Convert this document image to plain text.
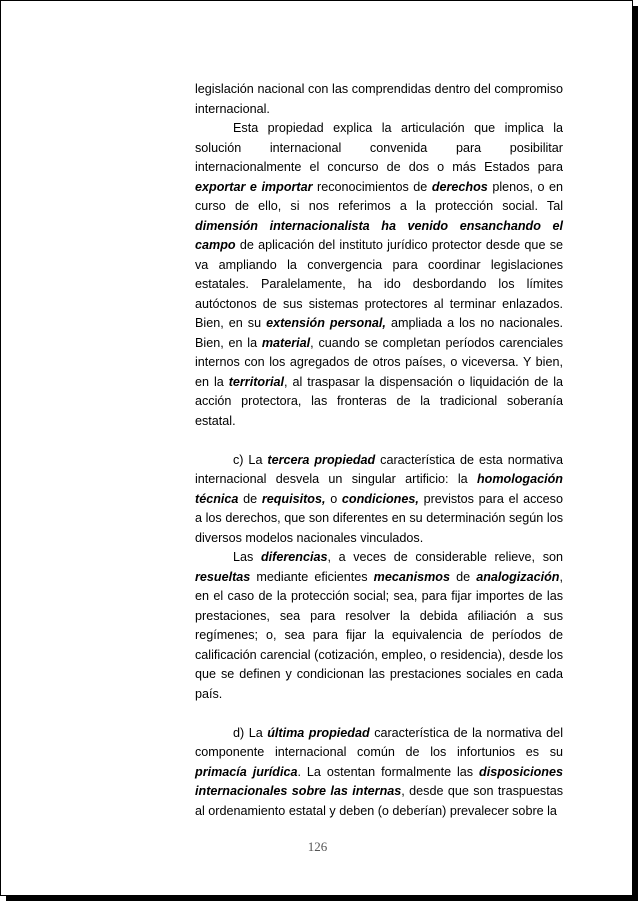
legislación nacional con las comprendidas dentro del compromiso internacional.

Esta propiedad explica la articulación que implica la solución internacional convenida para posibilitar internacionalmente el concurso de dos o más Estados para exportar e importar reconocimientos de derechos plenos, o en curso de ello, si nos referimos a la protección social. Tal dimensión internacionalista ha venido ensanchando el campo de aplicación del instituto jurídico protector desde que se va ampliando la convergencia para coordinar legislaciones estatales. Paralelamente, ha ido desbordando los límites autóctonos de sus sistemas protectores al terminar enlazados. Bien, en su extensión personal, ampliada a los no nacionales. Bien, en la material, cuando se completan períodos carenciales internos con los agregados de otros países, o viceversa. Y bien, en la territorial, al traspasar la dispensación o liquidación de la acción protectora, las fronteras de la tradicional soberanía estatal.

c) La tercera propiedad característica de esta normativa internacional desvela un singular artificio: la homologación técnica de requisitos, o condiciones, previstos para el acceso a los derechos, que son diferentes en su determinación según los diversos modelos nacionales vinculados.

Las diferencias, a veces de considerable relieve, son resueltas mediante eficientes mecanismos de analogización, en el caso de la protección social; sea, para fijar importes de las prestaciones, sea para resolver la debida afiliación a sus regímenes; o, sea para fijar la equivalencia de períodos de calificación carencial (cotización, empleo, o residencia), desde los que se definen y condicionan las prestaciones sociales en cada país.

d) La última propiedad característica de la normativa del componente internacional común de los infortunios es su primacía jurídica. La ostentan formalmente las disposiciones internacionales sobre las internas, desde que son traspuestas al ordenamiento estatal y deben (o deberían) prevalecer sobre la

126
